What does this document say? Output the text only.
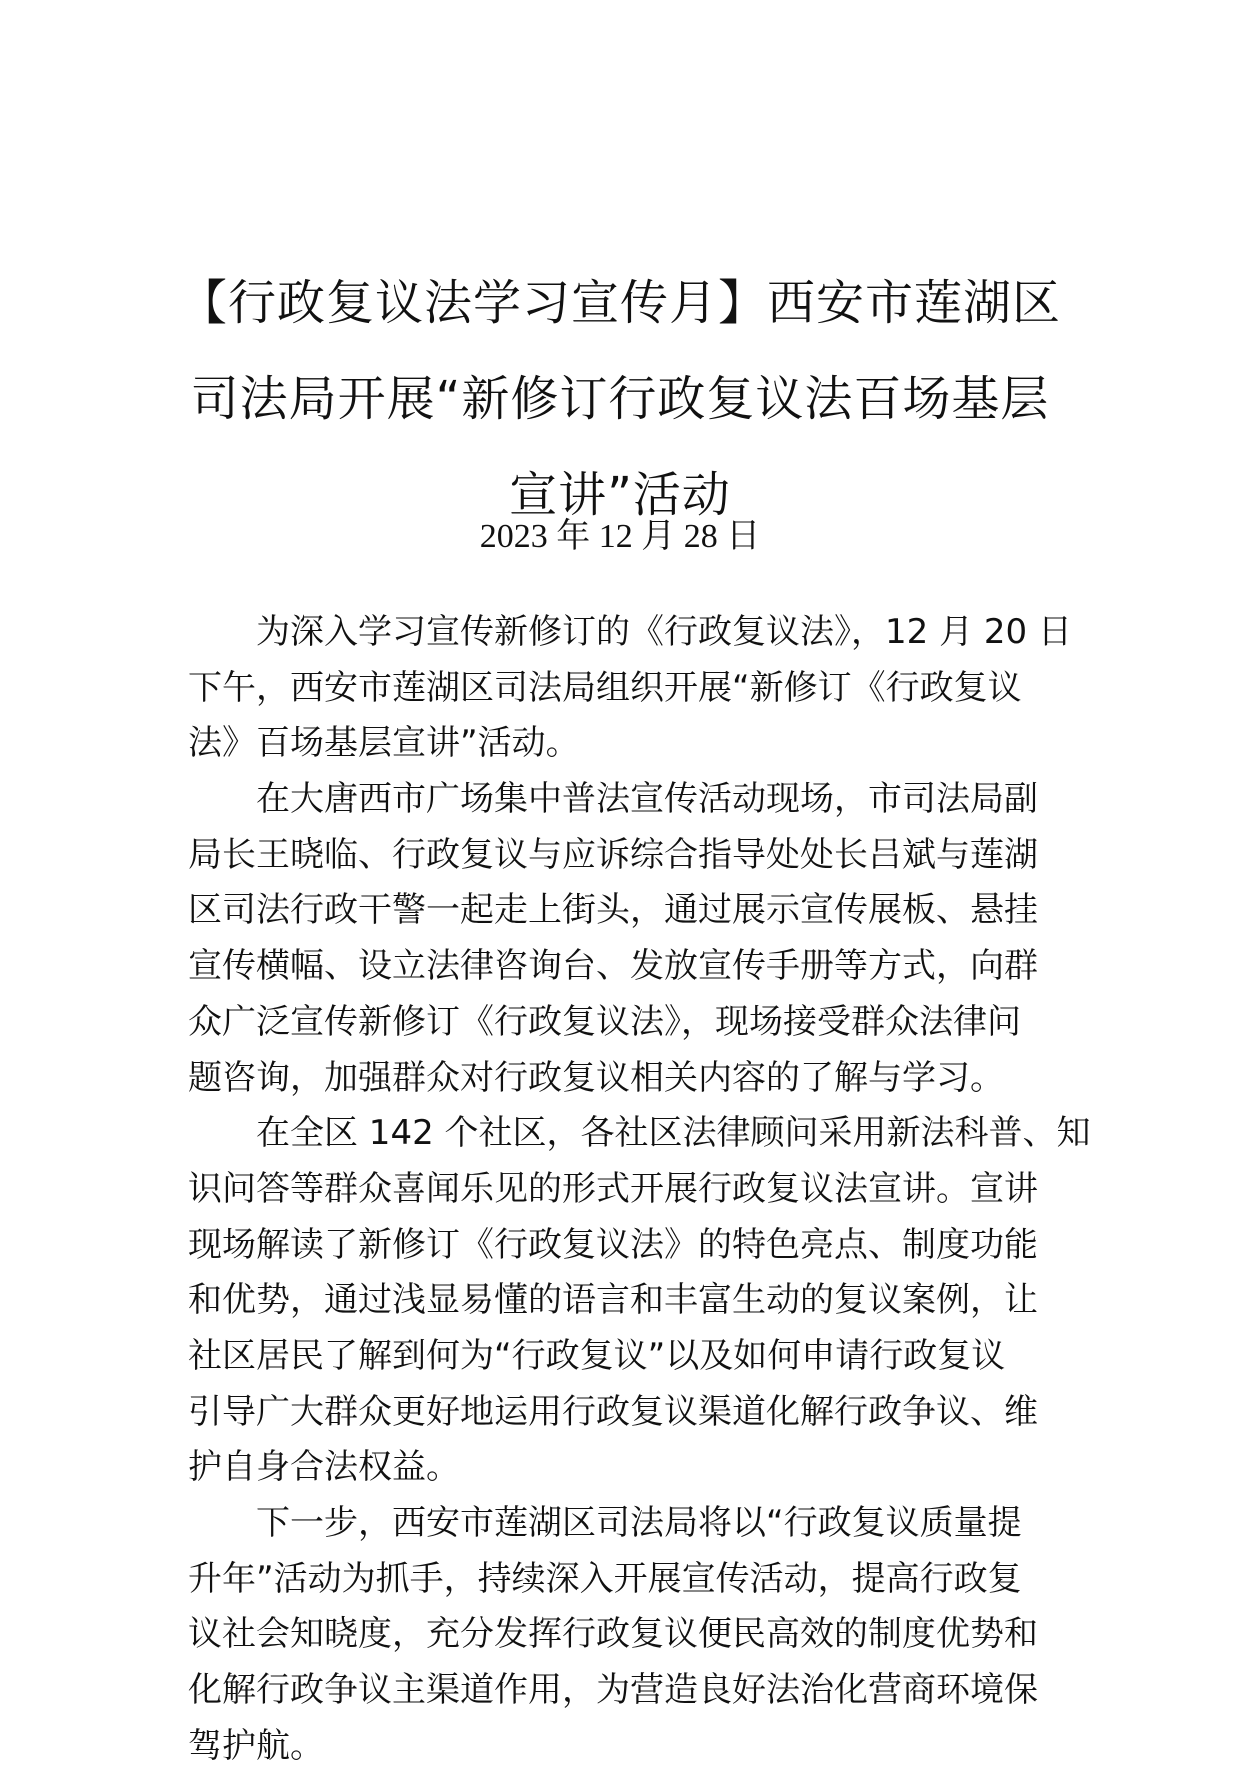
【行政复议法学习宣传月】西安市莲湖区
司法局开展“新修订行政复议法百场基层
宣讲”活动
2023 年 12 月 28 日
为深入学习宣传新修订的《行政复议法》，12 月 20 日
下午，西安市莲湖区司法局组织开展“新修订《行政复议
法》百场基层宣讲”活动。
在大唐西市广场集中普法宣传活动现场，市司法局副
局长王晓临、行政复议与应诉综合指导处处长吕斌与莲湖
区司法行政干警一起走上街头，通过展示宣传展板、悬挂
宣传横幅、设立法律咨询台、发放宣传手册等方式，向群
众广泛宣传新修订《行政复议法》，现场接受群众法律问
题咨询，加强群众对行政复议相关内容的了解与学习。
在全区 142 个社区，各社区法律顾问采用新法科普、知
识问答等群众喜闻乐见的形式开展行政复议法宣讲。宣讲
现场解读了新修订《行政复议法》的特色亮点、制度功能
和优势，通过浅显易懂的语言和丰富生动的复议案例，让
社区居民了解到何为“行政复议”以及如何申请行政复议
引导广大群众更好地运用行政复议渠道化解行政争议、维
护自身合法权益。
下一步，西安市莲湖区司法局将以“行政复议质量提
升年”活动为抓手，持续深入开展宣传活动，提高行政复
议社会知晓度，充分发挥行政复议便民高效的制度优势和
化解行政争议主渠道作用，为营造良好法治化营商环境保
驾护航。
